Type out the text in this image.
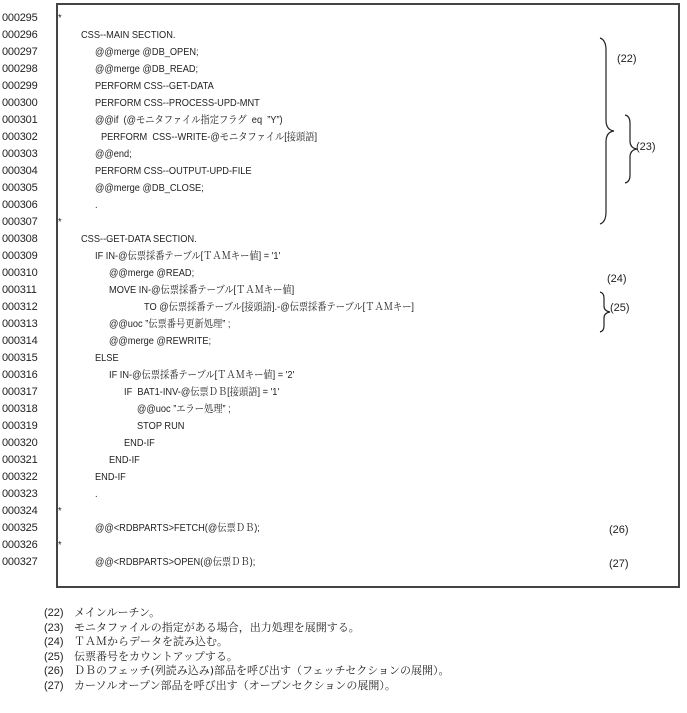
000295	*
000296	CSS--MAIN SECTION.
000297	@@merge @DB_OPEN;
000298	@@merge @DB_READ;
000299	PERFORM CSS--GET-DATA
000300	PERFORM CSS--PROCESS-UPD-MNT
000301	@@if  (@モニタファイル指定フラグ  eq  ”Y”)
000302	PERFORM  CSS--WRITE-@モニタファイル[接頭語]
000303	@@end;
000304	PERFORM CSS--OUTPUT-UPD-FILE
000305	@@merge @DB_CLOSE;
000306	.
000307	*
000308	CSS--GET-DATA SECTION.
000309	IF IN-@伝票採番テーブル[ＴＡＭキー値] = '1'
000310	@@merge @READ;
000311	MOVE IN-@伝票採番テーブル[ＴＡＭキー値]
000312	TO @伝票採番テーブル[接頭語].-@伝票採番テーブル[ＴＡＭキー]
000313	@@uoc ”伝票番号更新処理” ;
000314	@@merge @REWRITE;
000315	ELSE
000316	IF IN-@伝票採番テーブル[ＴＡＭキー値] = '2'
000317	IF  BAT1-INV-@伝票ＤＢ[接頭語] = '1'
000318	@@uoc ”エラー処理” ;
000319	STOP RUN
000320	END-IF
000321	END-IF
000322	END-IF
000323	.
000324	*
000325	@@<RDBPARTS>FETCH(@伝票ＤＢ);
000326	*
000327	@@<RDBPARTS>OPEN(@伝票ＤＢ);
(22)
(23)
(24)
(25)
(26)
(27)
(22) メインルーチン。
(23) モニタファイルの指定がある場合，出力処理を展開する。
(24) ＴＡＭからデータを読み込む。
(25) 伝票番号をカウントアップする。
(26) ＤＢのフェッチ(列読み込み)部品を呼び出す（フェッチセクションの展開）。
(27) カーソルオープン部品を呼び出す（オープンセクションの展開）。
